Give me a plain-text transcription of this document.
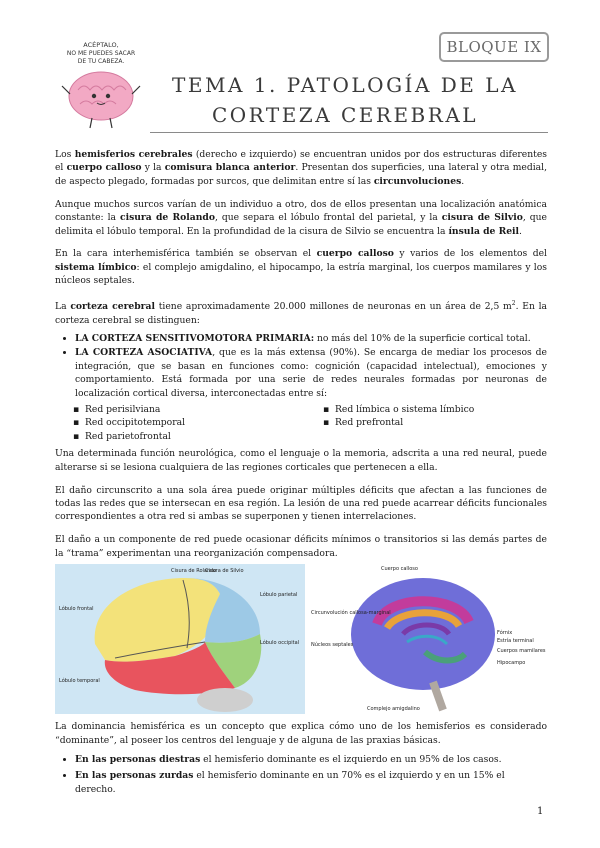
BLOQUE IX
ACÉPTALO,
NO ME PUEDES SACAR
DE TU CABEZA.
TEMA 1. PATOLOGÍA DE LA
CORTEZA CEREBRAL

Los hemisferios cerebrales (derecho e izquierdo) se encuentran unidos por dos estructuras diferentes el cuerpo calloso y la comisura blanca anterior. Presentan dos superficies, una lateral y otra medial, de aspecto plegado, formadas por surcos, que delimitan entre sí las circunvoluciones.

Aunque muchos surcos varían de un individuo a otro, dos de ellos presentan una localización anatómica constante: la cisura de Rolando, que separa el lóbulo frontal del parietal, y la cisura de Silvio, que delimita el lóbulo temporal. En la profundidad de la cisura de Silvio se encuentra la ínsula de Reil.

En la cara interhemisférica también se observan el cuerpo calloso y varios de los elementos del sistema límbico: el complejo amigdalino, el hipocampo, la estría marginal, los cuerpos mamilares y los núcleos septales.

La corteza cerebral tiene aproximadamente 20.000 millones de neuronas en un área de 2,5 $m^2$. En la corteza cerebral se distinguen:

• LA CORTEZA SENSITIVOMOTORA PRIMARIA: no más del 10% de la superficie cortical total.
• LA CORTEZA ASOCIATIVA, que es la más extensa (90%). Se encarga de mediar los procesos de integración, que se basan en funciones como: cognición (capacidad intelectual), emociones y comportamiento. Está formada por una serie de redes neurales formadas por neuronas de localización cortical diversa, interconectadas entre sí:
▪ Red perisilviana	▪ Red límbica o sistema límbico
▪ Red occipitotemporal	▪ Red prefrontal
▪ Red parietofrontal

Una determinada función neurológica, como el lenguaje o la memoria, adscrita a una red neural, puede alterarse si se lesiona cualquiera de las regiones corticales que pertenecen a ella.

El daño circunscrito a una sola área puede originar múltiples déficits que afectan a las funciones de todas las redes que se intersecan en esa región. La lesión de una red puede acarrear déficits funcionales correspondientes a otra red si ambas se superponen y tienen interrelaciones.

El daño a un componente de red puede ocasionar déficits mínimos o transitorios si las demás partes de la “trama” experimentan una reorganización compensadora.

Cisura de Rolando
Cisura de Silvio
Lóbulo parietal
Lóbulo frontal
Lóbulo occipital
Lóbulo temporal
Cuerpo calloso
Circunvolución callosa-marginal
Fórnix
Estría terminal
Núcleos septales
Cuerpos mamilares
Hipocampo
Complejo amigdalino

La dominancia hemisférica es un concepto que explica cómo uno de los hemisferios es considerado “dominante”, al poseer los centros del lenguaje y de alguna de las praxias básicas.

• En las personas diestras el hemisferio dominante es el izquierdo en un 95% de los casos.
• En las personas zurdas el hemisferio dominante en un 70% es el izquierdo y en un 15% el derecho.
1
